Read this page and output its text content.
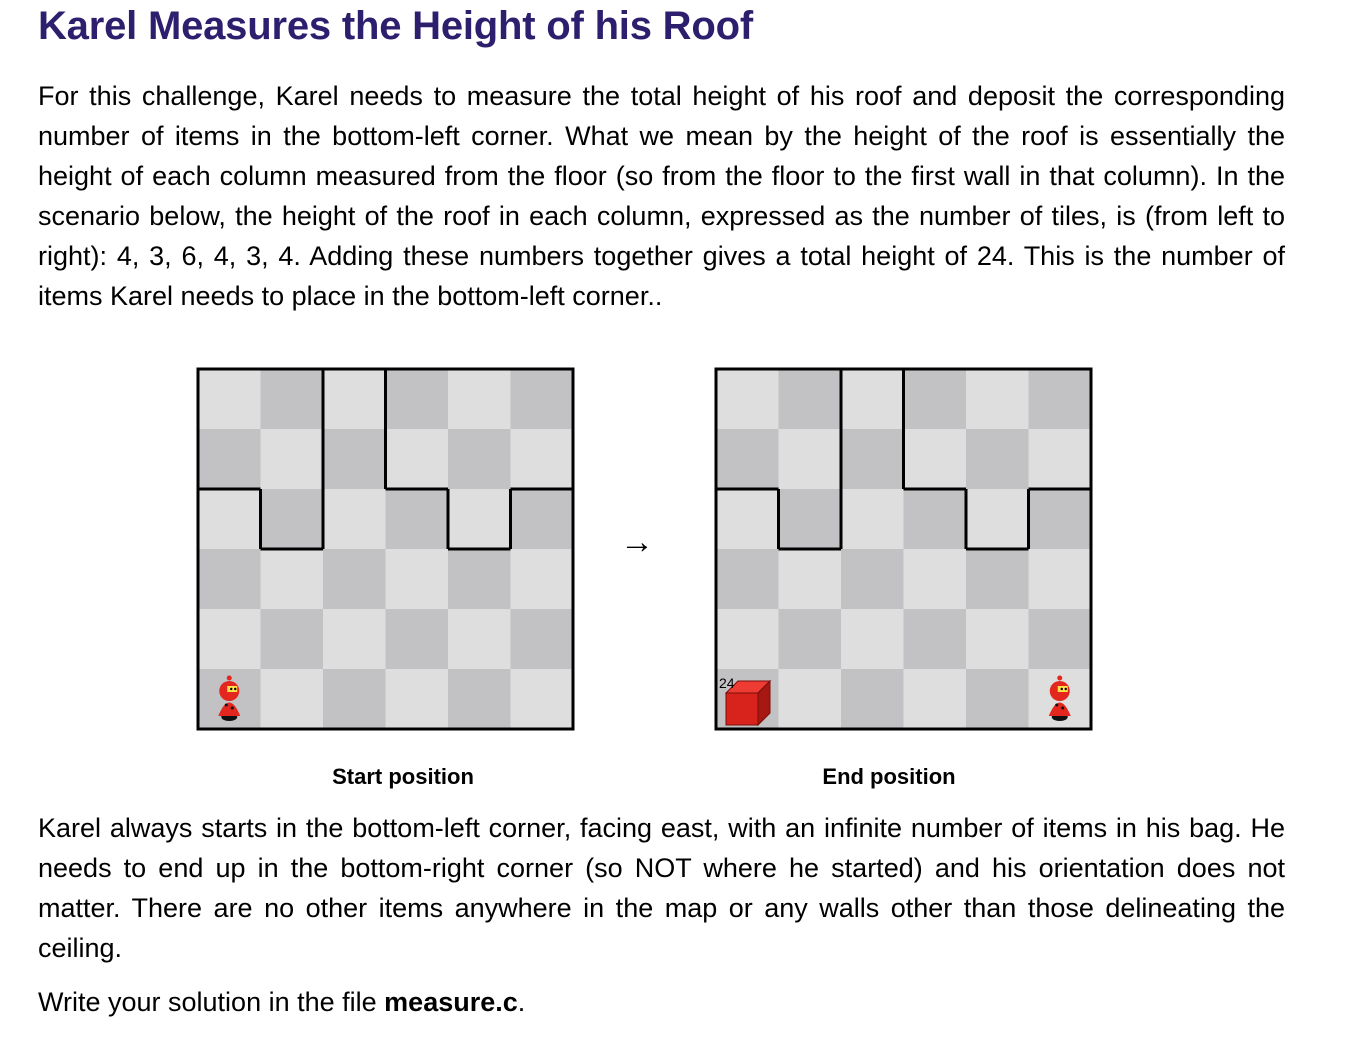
Karel Measures the Height of his Roof

For this challenge, Karel needs to measure the total height of his roof and deposit the corresponding number of items in the bottom-left corner. What we mean by the height of the roof is essentially the height of each column measured from the floor (so from the floor to the first wall in that column). In the scenario below, the height of the roof in each column, expressed as the number of tiles, is (from left to right): 4, 3, 6, 4, 3, 4. Adding these numbers together gives a total height of 24. This is the number of items Karel needs to place in the bottom-left corner..

→
24
Start position	End position

Karel always starts in the bottom-left corner, facing east, with an infinite number of items in his bag. He needs to end up in the bottom-right corner (so NOT where he started) and his orientation does not matter. There are no other items anywhere in the map or any walls other than those delineating the ceiling.

Write your solution in the file measure.c.
